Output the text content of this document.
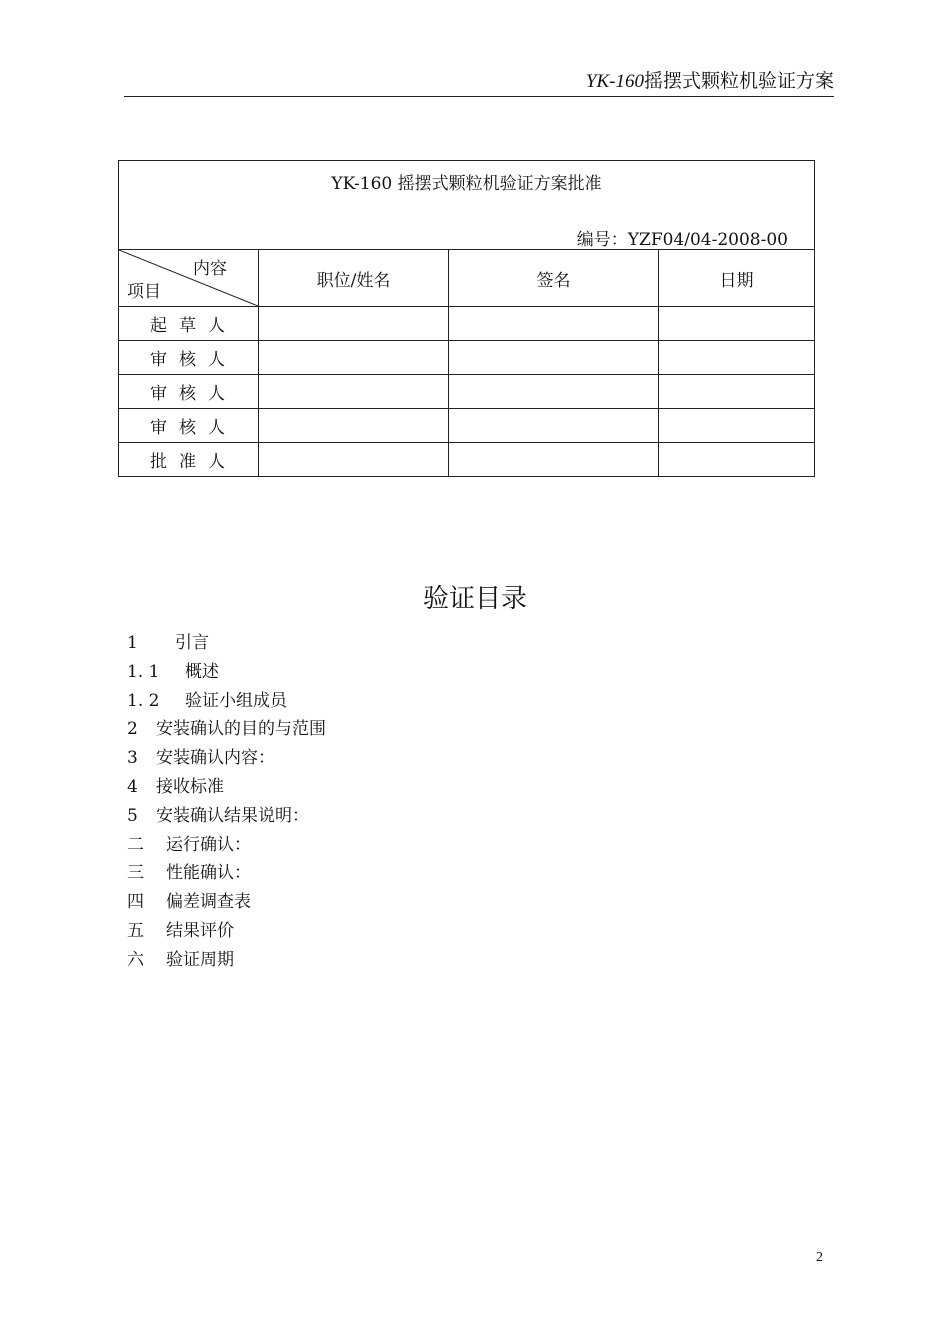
YK-160摇摆式颗粒机验证方案
YK-160 摇摆式颗粒机验证方案批准
编号：YZF04/04-2008-00			

内容
项目	职位/姓名	签名	日期
起草人			
审核人			
审核人			
审核人			
批准人			
验证目录
1 引言
1. 1 概述
1. 2 验证小组成员
2 安装确认的目的与范围
3 安装确认内容：
4 接收标准
5 安装确认结果说明：
二 运行确认：
三 性能确认：
四 偏差调查表
五 结果评价
六 验证周期
2
